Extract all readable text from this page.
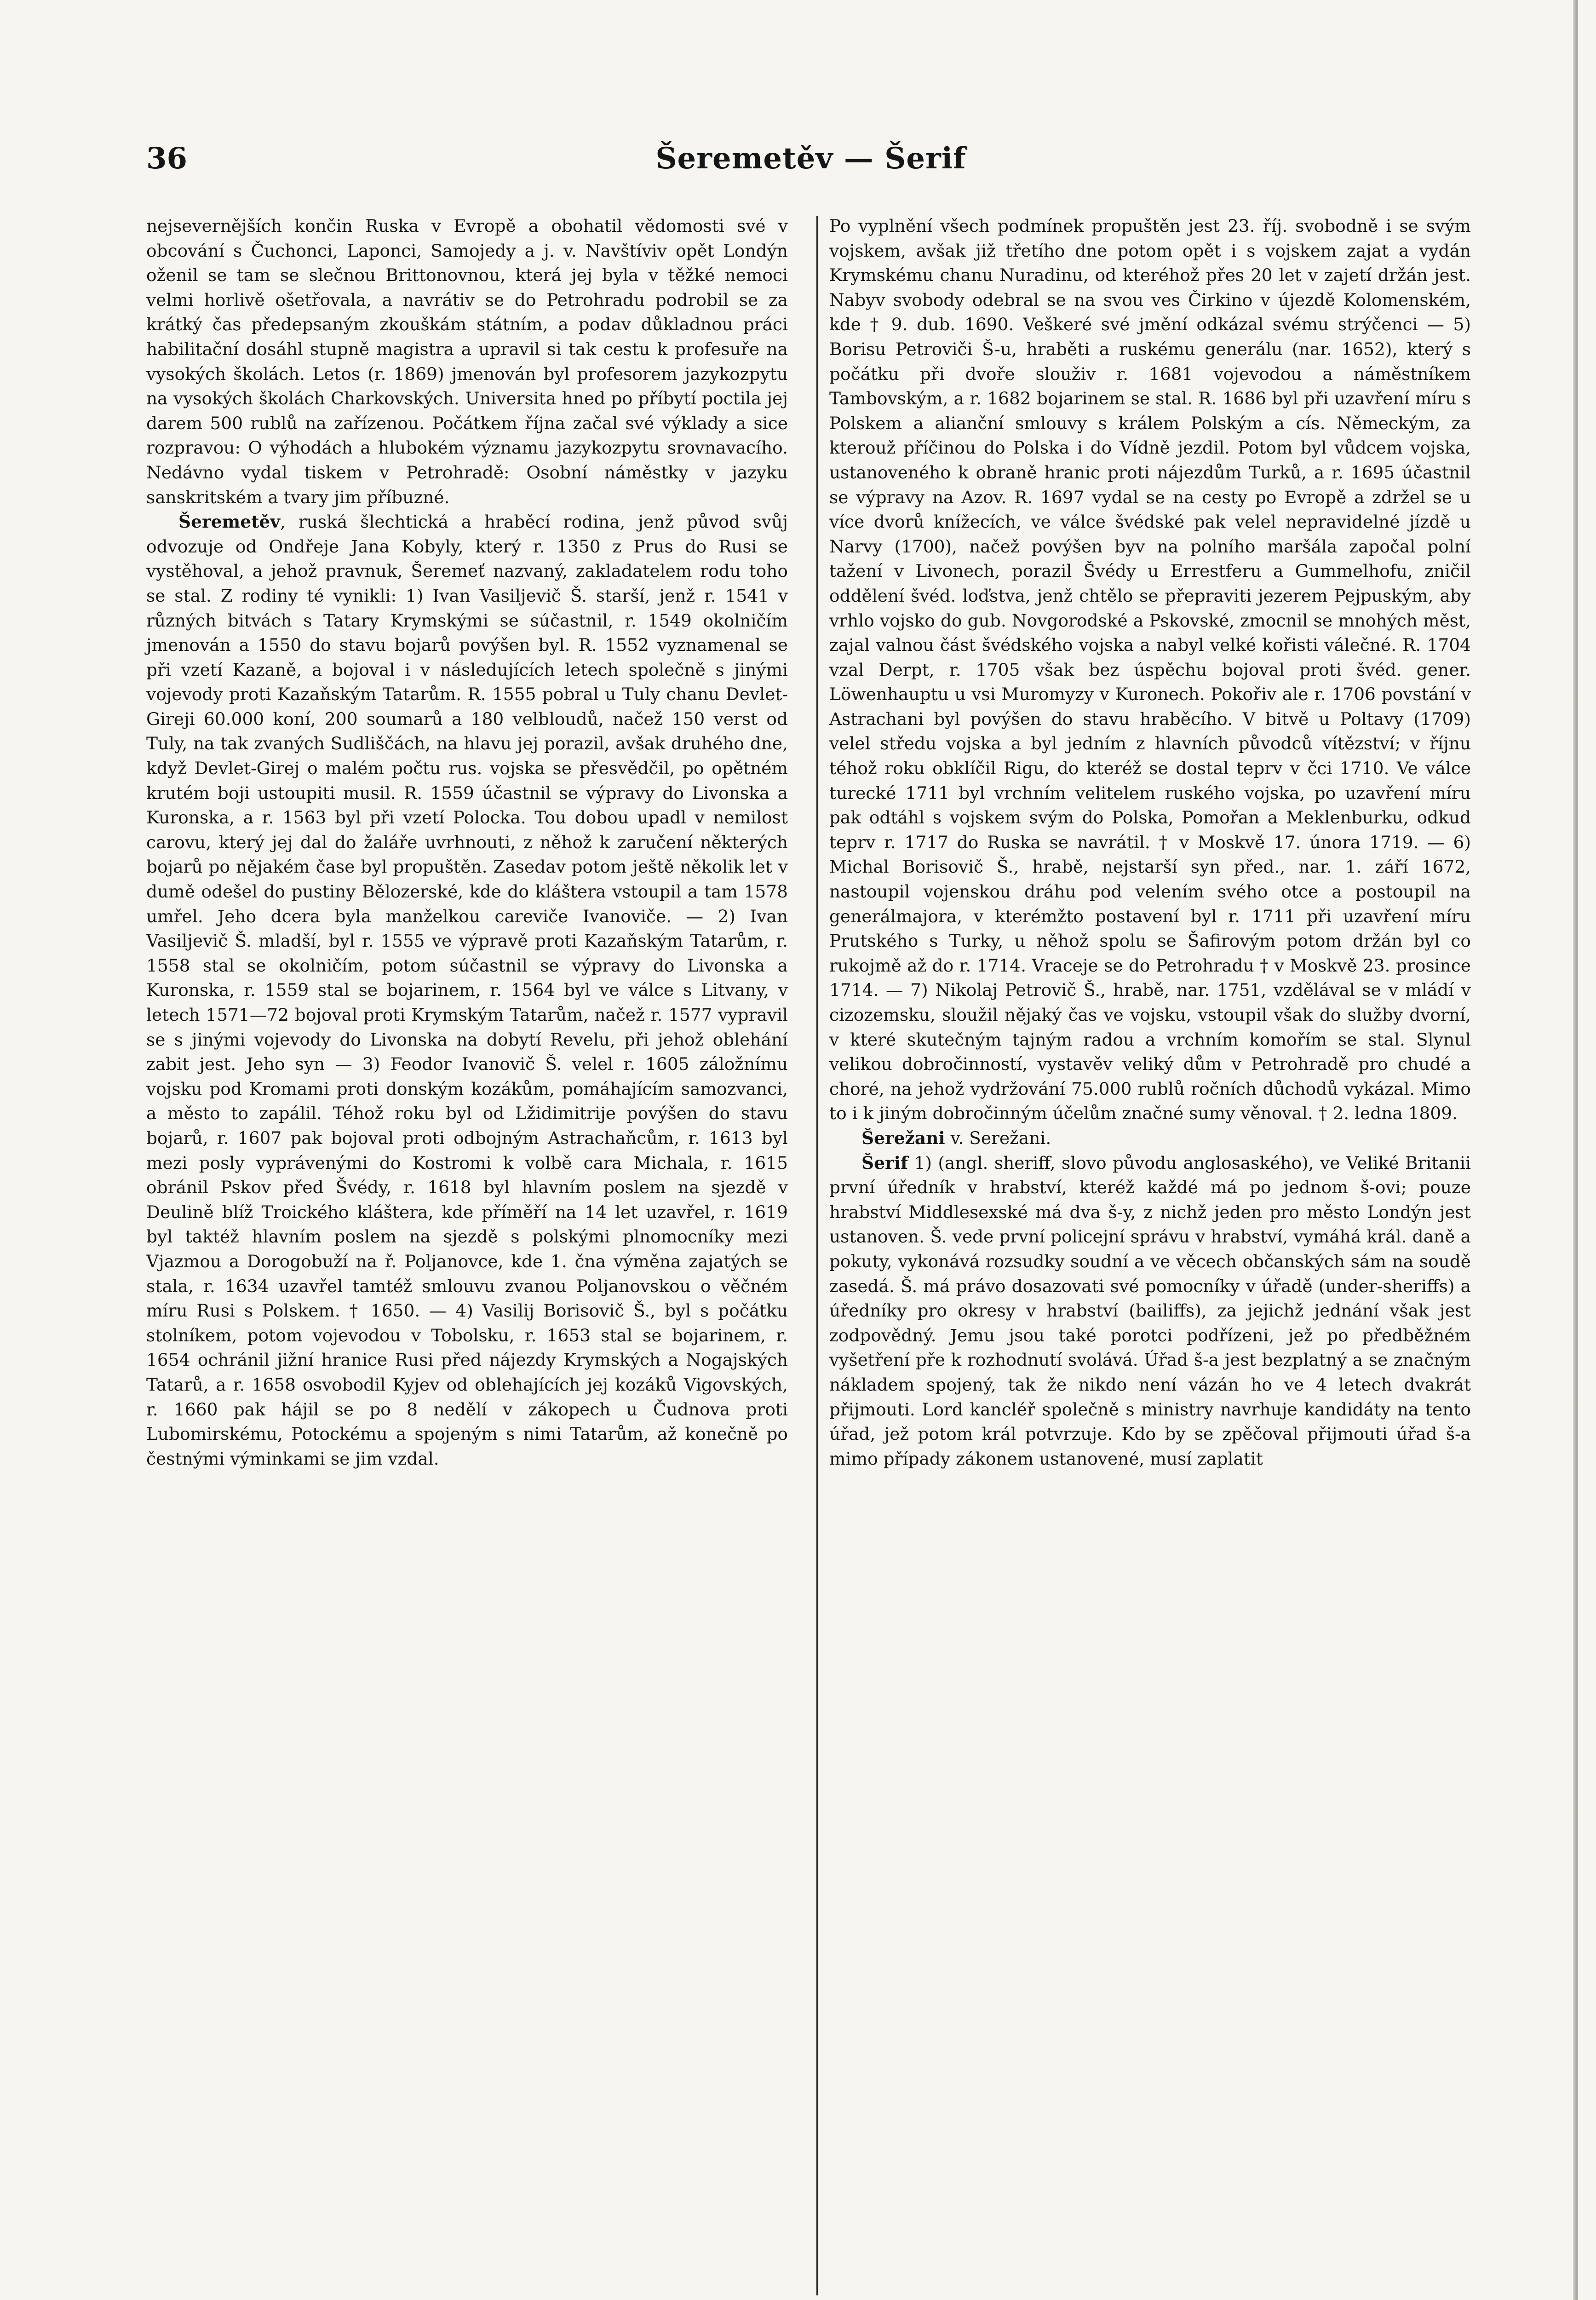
36	Šeremetěv — Šerif

nejsevernějších končin Ruska v Evropě a obohatil vědomosti své v obcování s Čuchonci, Laponci, Samojedy a j. v. Navštíviv opět Londýn oženil se tam se slečnou Brittonovnou, která jej byla v těžké nemoci velmi horlivě ošetřovala, a navrátiv se do Petrohradu podrobil se za krátký čas předepsaným zkouškám státním, a podav důkladnou práci habilitační dosáhl stupně magistra a upravil si tak cestu k profesuře na vysokých školách. Letos (r. 1869) jmenován byl profesorem jazykozpytu na vysokých školách Charkovských. Universita hned po příbytí poctila jej darem 500 rublů na zařízenou. Počátkem října začal své výklady a sice rozpravou: O výhodách a hlubokém významu jazykozpytu srovnavacího. Nedávno vydal tiskem v Petrohradě: Osobní náměstky v jazyku sanskritském a tvary jim příbuzné.

Šeremetěv, ruská šlechtická a hraběcí rodina, jenž původ svůj odvozuje od Ondřeje Jana Kobyly, který r. 1350 z Prus do Rusi se vystěhoval, a jehož pravnuk, Šeremeť nazvaný, zakladatelem rodu toho se stal. Z rodiny té vynikli: 1) Ivan Vasiljevič Š. starší, jenž r. 1541 v různých bitvách s Tatary Krymskými se súčastnil, r. 1549 okolničím jmenován a 1550 do stavu bojarů povýšen byl. R. 1552 vyznamenal se při vzetí Kazaně, a bojoval i v následujících letech společně s jinými vojevody proti Kazaňským Tatarům. R. 1555 pobral u Tuly chanu Devlet-Gireji 60.000 koní, 200 soumarů a 180 velbloudů, načež 150 verst od Tuly, na tak zvaných Sudliščách, na hlavu jej porazil, avšak druhého dne, když Devlet-Girej o malém počtu rus. vojska se přesvědčil, po opětném krutém boji ustoupiti musil. R. 1559 účastnil se výpravy do Livonska a Kuronska, a r. 1563 byl při vzetí Polocka. Tou dobou upadl v nemilost carovu, který jej dal do žaláře uvrhnouti, z něhož k zaručení některých bojarů po nějakém čase byl propuštěn. Zasedav potom ještě několik let v dumě odešel do pustiny Bělozerské, kde do kláštera vstoupil a tam 1578 umřel. Jeho dcera byla manželkou careviče Ivanoviče. — 2) Ivan Vasiljevič Š. mladší, byl r. 1555 ve výpravě proti Kazaňským Tatarům, r. 1558 stal se okolničím, potom súčastnil se výpravy do Livonska a Kuronska, r. 1559 stal se bojarinem, r. 1564 byl ve válce s Litvany, v letech 1571—72 bojoval proti Krymským Tatarům, načež r. 1577 vypravil se s jinými vojevody do Livonska na dobytí Revelu, při jehož oblehání zabit jest. Jeho syn — 3) Feodor Ivanovič Š. velel r. 1605 záložnímu vojsku pod Kromami proti donským kozákům, pomáhajícím samozvanci, a město to zapálil. Téhož roku byl od Lžidimitrije povýšen do stavu bojarů, r. 1607 pak bojoval proti odbojným Astrachaňcům, r. 1613 byl mezi posly vyprávenými do Kostromi k volbě cara Michala, r. 1615 obránil Pskov před Švédy, r. 1618 byl hlavním poslem na sjezdě v Deulině blíž Troického kláštera, kde příměří na 14 let uzavřel, r. 1619 byl taktéž hlavním poslem na sjezdě s polskými plnomocníky mezi Vjazmou a Dorogobuží na ř. Poljanovce, kde 1. čna výměna zajatých se stala, r. 1634 uzavřel tamtéž smlouvu zvanou Poljanovskou o věčném míru Rusi s Polskem. † 1650. — 4) Vasilij Borisovič Š., byl s počátku stolníkem, potom vojevodou v Tobolsku, r. 1653 stal se bojarinem, r. 1654 ochránil jižní hranice Rusi před nájezdy Krymských a Nogajských Tatarů, a r. 1658 osvobodil Kyjev od oblehajících jej kozáků Vigovských, r. 1660 pak hájil se po 8 nedělí v zákopech u Čudnova proti Lubomirskému, Potockému a spojeným s nimi Tatarům, až konečně po čestnými výminkami se jim vzdal.

Po vyplnění všech podmínek propuštěn jest 23. říj. svobodně i se svým vojskem, avšak již třetího dne potom opět i s vojskem zajat a vydán Krymskému chanu Nuradinu, od kteréhož přes 20 let v zajetí držán jest. Nabyv svobody odebral se na svou ves Čirkino v újezdě Kolomenském, kde † 9. dub. 1690. Veškeré své jmění odkázal svému strýčenci — 5) Borisu Petroviči Š-u, hraběti a ruskému generálu (nar. 1652), který s počátku při dvoře slouživ r. 1681 vojevodou a náměstníkem Tambovským, a r. 1682 bojarinem se stal. R. 1686 byl při uzavření míru s Polskem a alianční smlouvy s králem Polským a cís. Německým, za kterouž příčinou do Polska i do Vídně jezdil. Potom byl vůdcem vojska, ustanoveného k obraně hranic proti nájezdům Turků, a r. 1695 účastnil se výpravy na Azov. R. 1697 vydal se na cesty po Evropě a zdržel se u více dvorů knížecích, ve válce švédské pak velel nepravidelné jízdě u Narvy (1700), načež povýšen byv na polního maršála započal polní tažení v Livonech, porazil Švédy u Errestferu a Gummelhofu, zničil oddělení švéd. loďstva, jenž chtělo se přepraviti jezerem Pejpuským, aby vrhlo vojsko do gub. Novgorodské a Pskovské, zmocnil se mnohých měst, zajal valnou část švédského vojska a nabyl velké kořisti válečné. R. 1704 vzal Derpt, r. 1705 však bez úspěchu bojoval proti švéd. gener. Löwenhauptu u vsi Muromyzy v Kuronech. Pokořiv ale r. 1706 povstání v Astrachani byl povýšen do stavu hraběcího. V bitvě u Poltavy (1709) velel středu vojska a byl jedním z hlavních původců vítězství; v říjnu téhož roku obklíčil Rigu, do kteréž se dostal teprv v čci 1710. Ve válce turecké 1711 byl vrchním velitelem ruského vojska, po uzavření míru pak odtáhl s vojskem svým do Polska, Pomořan a Meklenburku, odkud teprv r. 1717 do Ruska se navrátil. † v Moskvě 17. února 1719. — 6) Michal Borisovič Š., hrabě, nejstarší syn před., nar. 1. září 1672, nastoupil vojenskou dráhu pod velením svého otce a postoupil na generálmajora, v kterémžto postavení byl r. 1711 při uzavření míru Prutského s Turky, u něhož spolu se Šafirovým potom držán byl co rukojmě až do r. 1714. Vraceje se do Petrohradu † v Moskvě 23. prosince 1714. — 7) Nikolaj Petrovič Š., hrabě, nar. 1751, vzdělával se v mládí v cizozemsku, sloužil nějaký čas ve vojsku, vstoupil však do služby dvorní, v které skutečným tajným radou a vrchním komořím se stal. Slynul velikou dobročinností, vystavěv veliký dům v Petrohradě pro chudé a choré, na jehož vydržování 75.000 rublů ročních důchodů vykázal. Mimo to i k jiným dobročinným účelům značné sumy věnoval. † 2. ledna 1809.

Šerežani v. Serežani.

Šerif 1) (angl. sheriff, slovo původu anglosaského), ve Veliké Britanii první úředník v hrabství, kteréž každé má po jednom š-ovi; pouze hrabství Middlesexské má dva š-y, z nichž jeden pro město Londýn jest ustanoven. Š. vede první policejní správu v hrabství, vymáhá král. daně a pokuty, vykonává rozsudky soudní a ve věcech občanských sám na soudě zasedá. Š. má právo dosazovati své pomocníky v úřadě (under-sheriffs) a úředníky pro okresy v hrabství (bailiffs), za jejichž jednání však jest zodpovědný. Jemu jsou také porotci podřízeni, jež po předběžném vyšetření pře k rozhodnutí svolává. Úřad š-a jest bezplatný a se značným nákladem spojený, tak že nikdo není vázán ho ve 4 letech dvakrát přijmouti. Lord kancléř společně s ministry navrhuje kandidáty na tento úřad, jež potom král potvrzuje. Kdo by se zpěčoval přijmouti úřad š-a mimo případy zákonem ustanovené, musí zaplatit
